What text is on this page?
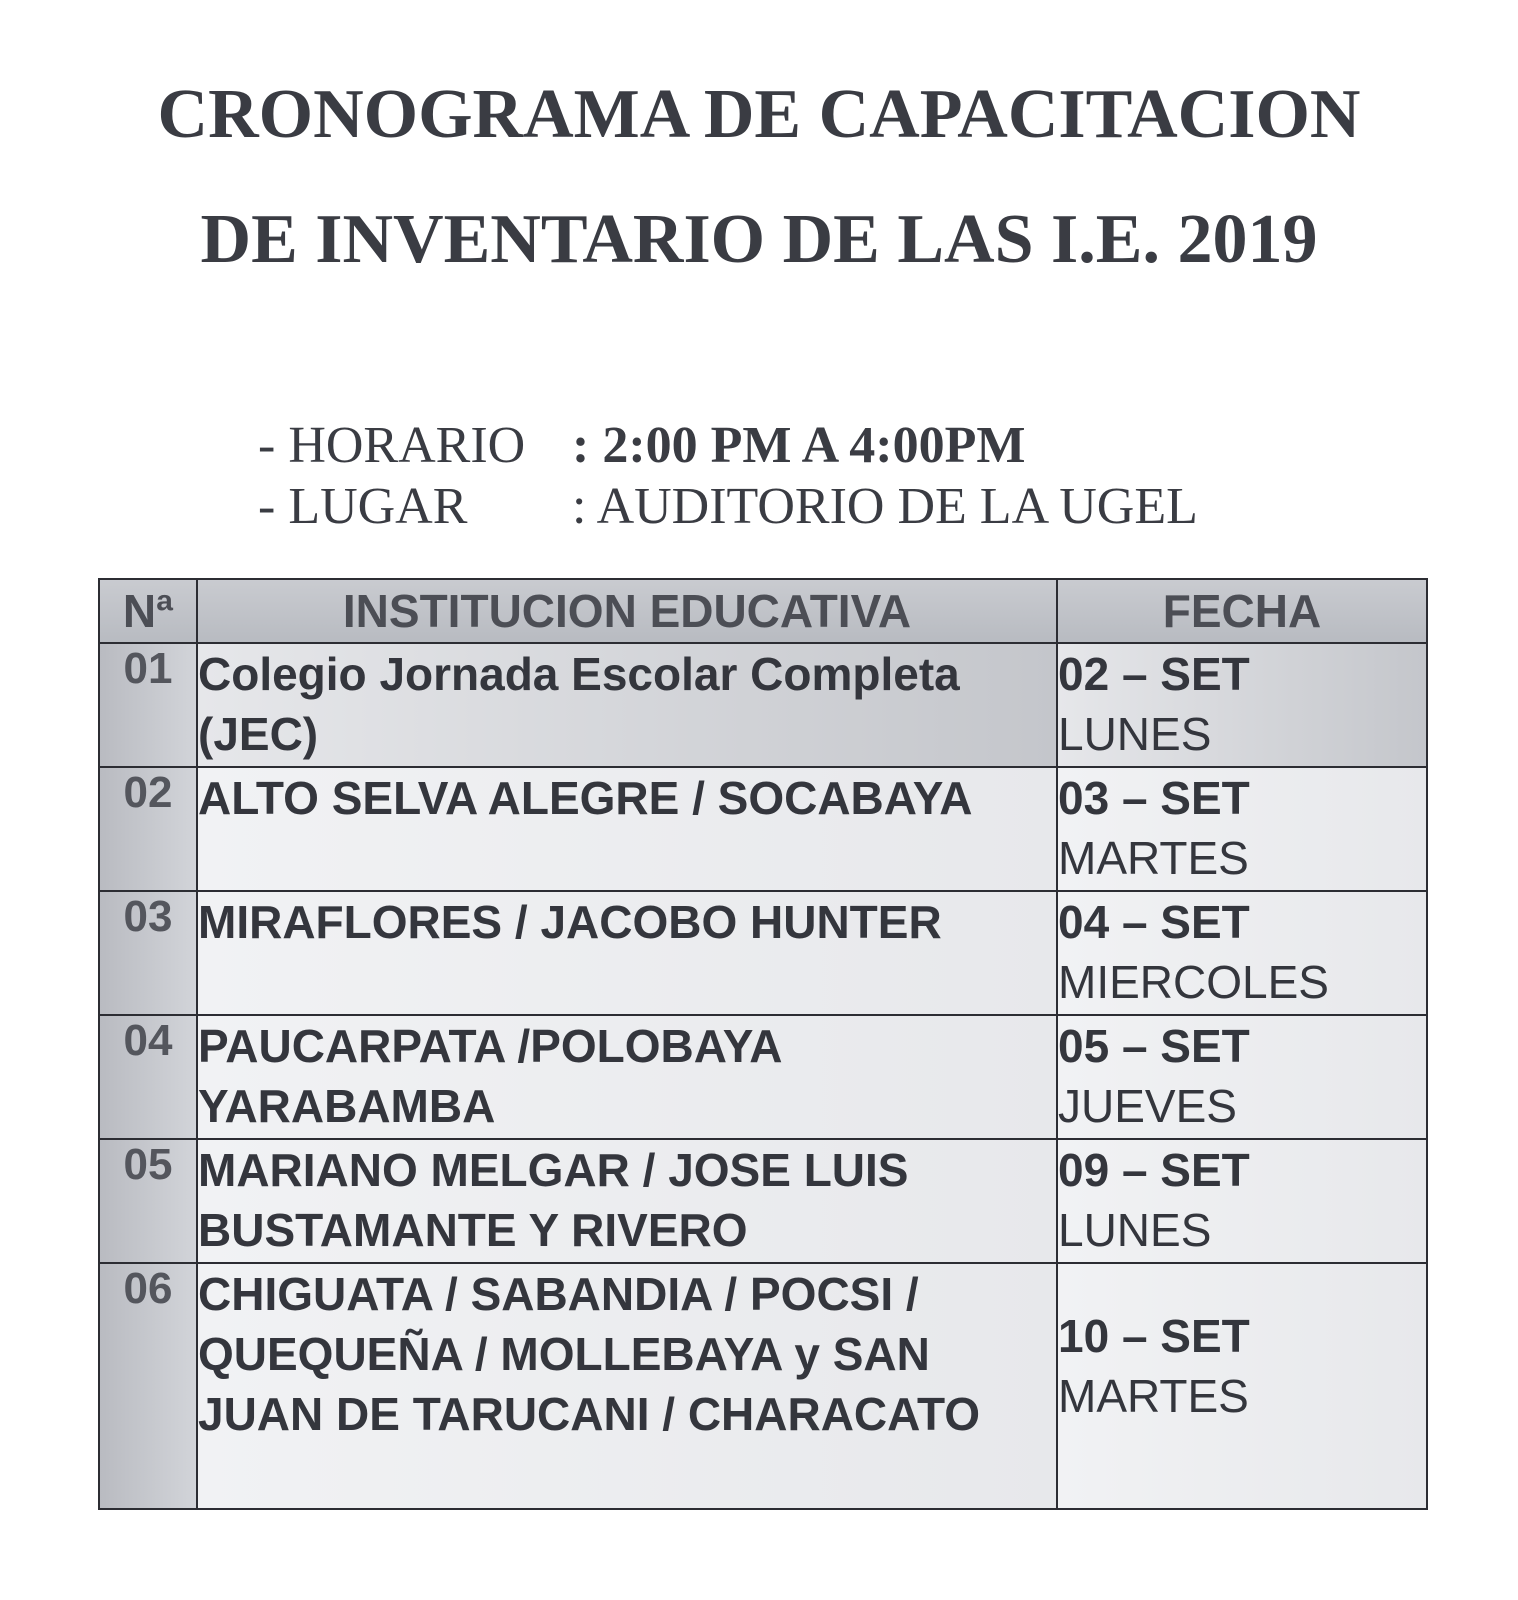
CRONOGRAMA DE CAPACITACION
DE INVENTARIO DE LAS I.E. 2019
- HORARIO : 2:00 PM A 4:00PM
- LUGAR : AUDITORIO DE LA UGEL
Nª	INSTITUCION EDUCATIVA	FECHA
01	Colegio Jornada Escolar Completa (JEC)	02 – SET
LUNES

02	ALTO SELVA ALEGRE / SOCABAYA	03 – SET
MARTES

03	MIRAFLORES / JACOBO HUNTER	04 – SET
MIERCOLES

04	PAUCARPATA /POLOBAYA YARABAMBA	05 – SET
JUEVES

05	MARIANO MELGAR / JOSE LUIS BUSTAMANTE Y RIVERO	09 – SET
LUNES

06	CHIGUATA / SABANDIA / POCSI / QUEQUEÑA / MOLLEBAYA y SAN JUAN DE TARUCANI / CHARACATO	10 – SET
MARTES
